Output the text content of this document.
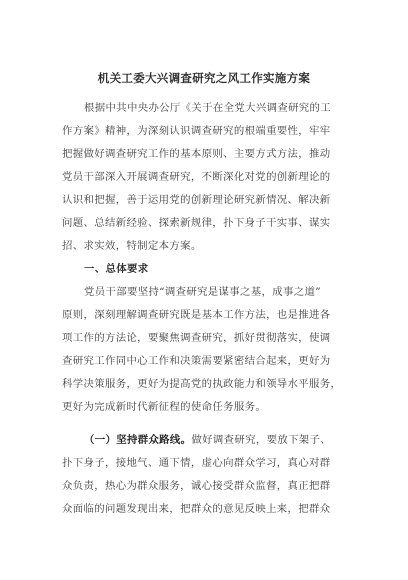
机关工委大兴调查研究之风工作实施方案
根据中共中央办公厅《关于在全党大兴调查研究的工
作方案》精神，为深刻认识调查研究的根端重要性，牢牢
把握做好调查研究工作的基本原则、主要方式方法，推动
党员干部深入开展调查研究，不断深化对党的创新理论的
认识和把握，善于运用党的创新理论研究新情况、解决新
问题、总结新经验、探索新规律，扑下身子干实事、谋实
招、求实效，特制定本方案。
一、总体要求
党员干部要坚持“调查研究是谋事之基，成事之道”
原则，深刻理解调查研究既是基本工作方法，也是推进各
项工作的方法论，要聚焦调查研究，抓好贯彻落实，使调
查研究工作同中心工作和决策需要紧密结合起来，更好为
科学决策服务，更好为提高党的执政能力和领导水平服务，
更好为完成新时代新征程的使命任务服务。
（一）坚持群众路线。做好调查研究，要放下架子、
扑下身子，接地气、通下情，虚心向群众学习，真心对群
众负责，热心为群众服务，诚心接受群众监督，真正把群
众面临的问题发现出来，把群众的意见反映上来，把群众
